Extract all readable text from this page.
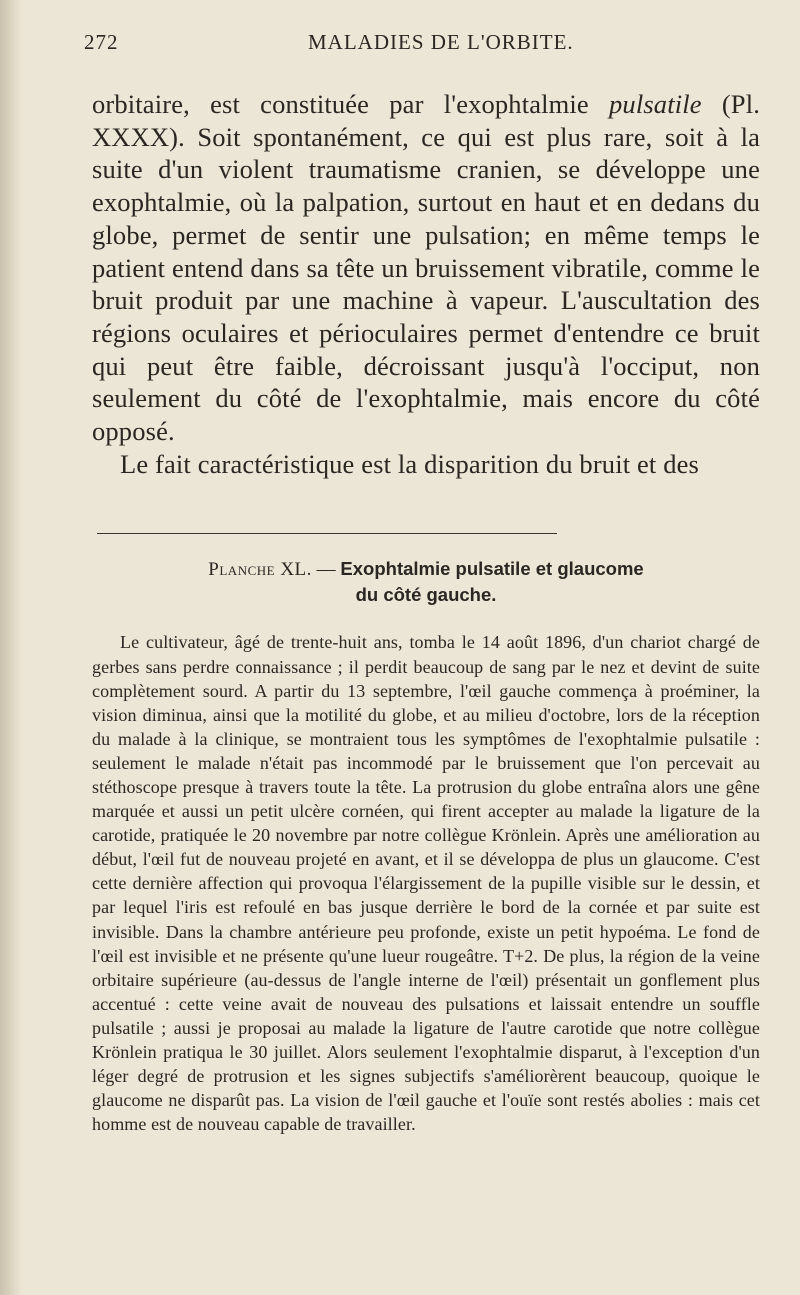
272	MALADIES DE L'ORBITE.

orbitaire, est constituée par l'exophtalmie pulsatile (Pl. XXXX). Soit spontanément, ce qui est plus rare, soit à la suite d'un violent traumatisme cranien, se développe une exophtalmie, où la palpation, surtout en haut et en dedans du globe, permet de sentir une pulsation; en même temps le patient entend dans sa tête un bruissement vibratile, comme le bruit produit par une machine à vapeur. L'auscultation des régions oculaires et périoculaires permet d'entendre ce bruit qui peut être faible, décroissant jusqu'à l'occiput, non seulement du côté de l'exophtalmie, mais encore du côté opposé.

Le fait caractéristique est la disparition du bruit et des

Planche XL. — Exophtalmie pulsatile et glaucome
du côté gauche.

Le cultivateur, âgé de trente-huit ans, tomba le 14 août 1896, d'un chariot chargé de gerbes sans perdre connaissance ; il perdit beaucoup de sang par le nez et devint de suite complètement sourd. A partir du 13 septembre, l'œil gauche commença à proéminer, la vision diminua, ainsi que la motilité du globe, et au milieu d'octobre, lors de la réception du malade à la clinique, se montraient tous les symptômes de l'exophtalmie pulsatile : seulement le malade n'était pas incommodé par le bruissement que l'on percevait au stéthoscope presque à travers toute la tête. La protrusion du globe entraîna alors une gêne marquée et aussi un petit ulcère cornéen, qui firent accepter au malade la ligature de la carotide, pratiquée le 20 novembre par notre collègue Krönlein. Après une amélioration au début, l'œil fut de nouveau projeté en avant, et il se développa de plus un glaucome. C'est cette dernière affection qui provoqua l'élargissement de la pupille visible sur le dessin, et par lequel l'iris est refoulé en bas jusque derrière le bord de la cornée et par suite est invisible. Dans la chambre antérieure peu profonde, existe un petit hypoéma. Le fond de l'œil est invisible et ne présente qu'une lueur rougeâtre. T+2. De plus, la région de la veine orbitaire supérieure (au-dessus de l'angle interne de l'œil) présentait un gonflement plus accentué : cette veine avait de nouveau des pulsations et laissait entendre un souffle pulsatile ; aussi je proposai au malade la ligature de l'autre carotide que notre collègue Krönlein pratiqua le 30 juillet. Alors seulement l'exophtalmie disparut, à l'exception d'un léger degré de protrusion et les signes subjectifs s'améliorèrent beaucoup, quoique le glaucome ne disparût pas. La vision de l'œil gauche et l'ouïe sont restés abolies : mais cet homme est de nouveau capable de travailler.
